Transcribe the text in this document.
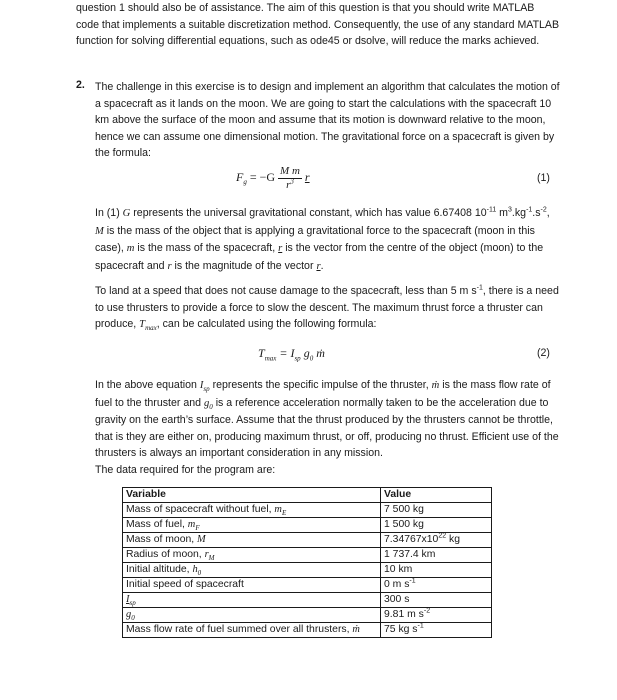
question 1 should also be of assistance. The aim of this question is that you should write MATLAB code that implements a suitable discretization method. Consequently, the use of any standard MATLAB function for solving differential equations, such as ode45 or dsolve, will reduce the marks achieved.

2. The challenge in this exercise is to design and implement an algorithm that calculates the motion of a spacecraft as it lands on the moon. We are going to start the calculations with the spacecraft 10 km above the surface of the moon and assume that its motion is downward relative to the moon, hence we can assume one dimensional motion. The gravitational force on a spacecraft is given by the formula:

$F_g = -G \frac{\text{M m}}{r^3}$ r	(1)

In (1) G represents the universal gravitational constant, which has value 6.67408 $10^{-11}$ $m^3.kg^{-1}.s^{-2}$, M is the mass of the object that is applying a gravitational force to the spacecraft (moon in this case), m is the mass of the spacecraft, r is the vector from the centre of the object (moon) to the spacecraft and r is the magnitude of the vector r.

To land at a speed that does not cause damage to the spacecraft, less than 5 m $s^{-1}$, there is a need to use thrusters to provide a force to slow the descent. The maximum thrust force a thruster can produce, $T_{max}$, can be calculated using the following formula:

$T_{max} = I_{sp}$ $g_0$ ṁ	(2)

In the above equation $I_{sp}$ represents the specific impulse of the thruster, ṁ is the mass flow rate of fuel to the thruster and $g_0$ is a reference acceleration normally taken to be the acceleration due to gravity on the earth’s surface. Assume that the thrust produced by the thrusters cannot be throttle, that is they are either on, producing maximum thrust, or off, producing no thrust. Efficient use of the thrusters is always an important consideration in any mission.

The data required for the program are:

Variable	Value
Mass of spacecraft without fuel, $m_E$	7 500 kg
Mass of fuel, $m_F$	1 500 kg
Mass of moon, M	$7.34767x10^{22}$ kg
Radius of moon, $r_M$	1 737.4 km
Initial altitude, $h_0$	10 km
Initial speed of spacecraft	0 m $s^{-1}$
$I_{sp}$	300 s
$g_0$	9.81 m $s^{-2}$
Mass flow rate of fuel summed over all thrusters, ṁ	75 kg $s^{-1}$
